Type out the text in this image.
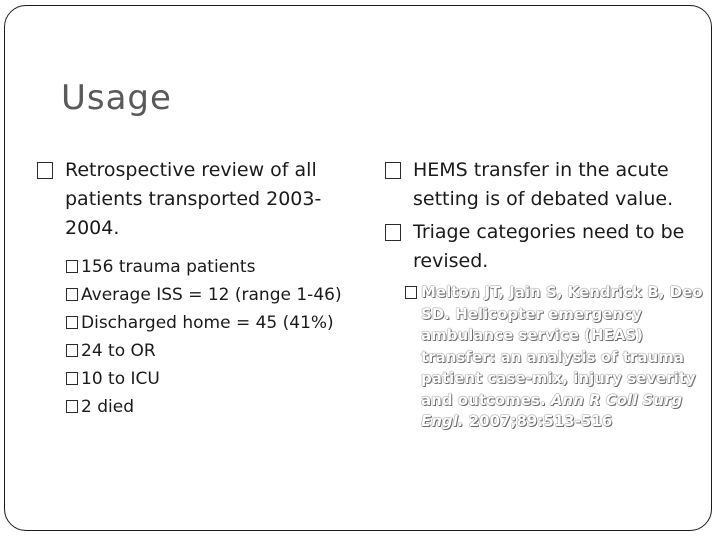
Usage
Retrospective review of all patients transported 2003-2004.
156 trauma patients
Average ISS = 12 (range 1-46)
Discharged home = 45 (41%)
24 to OR
10 to ICU
2 died
HEMS transfer in the acute setting is of debated value.
Triage categories need to be revised.
Melton JT, Jain S, Kendrick B, Deo SD. Helicopter emergency ambulance service (HEAS) transfer: an analysis of trauma patient case-mix, injury severity and outcomes. Ann R Coll Surg Engl. 2007;89:513-516
